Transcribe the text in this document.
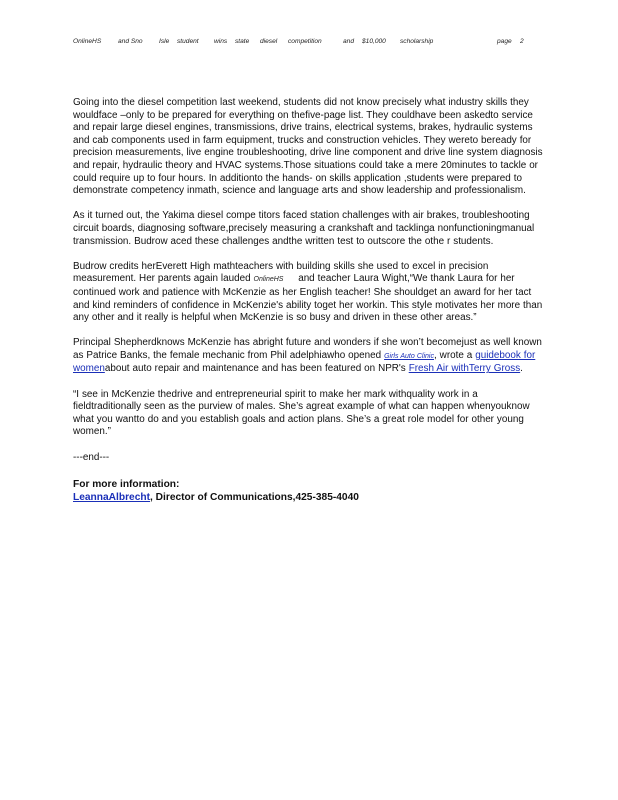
OnlineHS	and Sno Isle student wins state diesel competition	and $10,000 scholarship	page 2

Going into the diesel competition last weekend, students did not know precisely what industry skills they wouldface –only to be prepared for everything on thefive-page list. They couldhave been askedto service and repair large diesel engines, transmissions, drive trains, electrical systems, brakes, hydraulic systems and cab components used in farm equipment, trucks and construction vehicles. They wereto beready for precision measurements, live engine troubleshooting, drive line component and drive line system diagnosis and repair, hydraulic theory and HVAC systems.Those situations could take a mere 20minutes to tackle or could require up to four hours. In additionto the hands- on skills application ,students were prepared to demonstrate competency inmath, science and language arts and show leadership and professionalism.

As it turned out, the Yakima diesel compe titors faced station challenges with air brakes, troubleshooting circuit boards, diagnosing software,precisely measuring a crankshaft and tacklinga nonfunctioningmanual transmission. Budrow aced these challenges andthe written test to outscore the othe r students.

Budrow credits herEverett High mathteachers with building skills she used to excel in precision measurement. Her parents again lauded OnlineHS and teacher Laura Wight,“We thank Laura for her continued work and patience with McKenzie as her English teacher! She shouldget an award for her tact and kind reminders of confidence in McKenzie's ability toget her workin. This style motivates her more than any other and it really is helpful when McKenzie is so busy and driven in these other areas.”

Principal Shepherdknows McKenzie has abright future and wonders if she won’t becomejust as well known as Patrice Banks, the female mechanic from Phil adelphiawho opened Girls Auto Clinic, wrote a guidebook for womenabout auto repair and maintenance and has been featured on NPR's Fresh Air withTerry Gross.

“I see in McKenzie thedrive and entrepreneurial spirit to make her mark withquality work in a fieldtraditionally seen as the purview of males. She’s agreat example of what can happen whenyouknow what you wantto do and you establish goals and action plans. She’s a great role model for other young women.”

---end---

For more information:

LeannaAlbrecht, Director of Communications,425-385-4040
